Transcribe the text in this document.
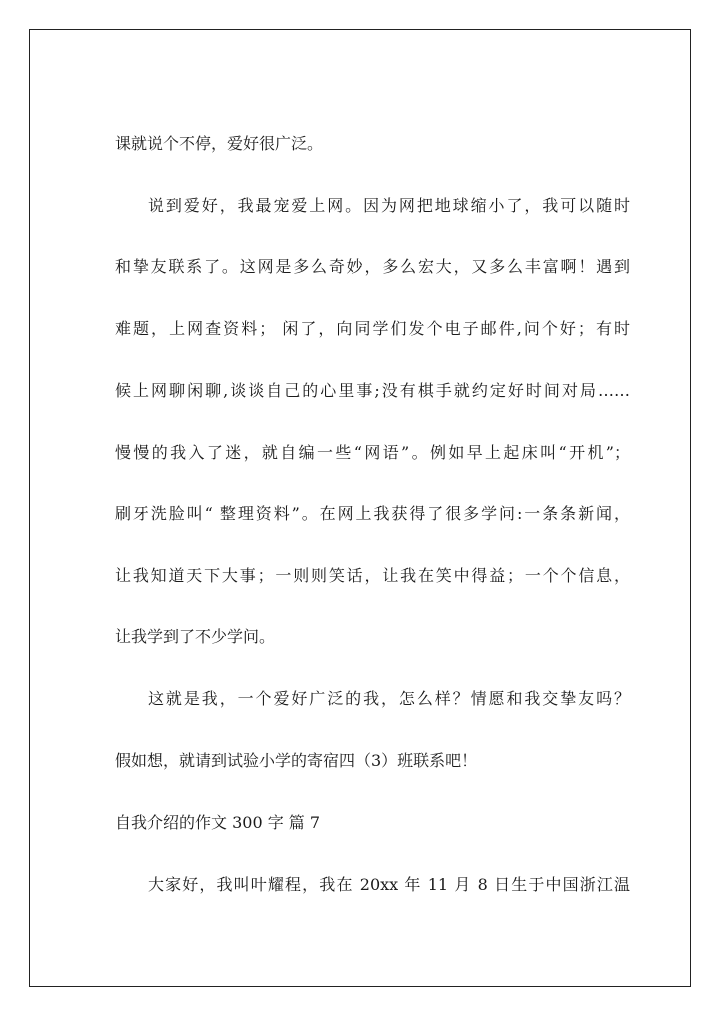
课就说个不停，爱好很广泛。
说到爱好，我最宠爱上网。因为网把地球缩小了，我可以随时
和挚友联系了。这网是多么奇妙，多么宏大，又多么丰富啊！遇到
难题，上网查资料； 闲了，向同学们发个电子邮件,问个好；有时
候上网聊闲聊,谈谈自己的心里事;没有棋手就约定好时间对局……
慢慢的我入了迷，就自编一些“网语”。例如早上起床叫“开机”；
刷牙洗脸叫“ 整理资料”。在网上我获得了很多学问:一条条新闻，
让我知道天下大事；一则则笑话，让我在笑中得益；一个个信息，
让我学到了不少学问。
这就是我，一个爱好广泛的我，怎么样？情愿和我交挚友吗？
假如想，就请到试验小学的寄宿四（3）班联系吧！
自我介绍的作文 300 字 篇 7
大家好，我叫叶耀程，我在 20xx 年 11 月 8 日生于中国浙江温
